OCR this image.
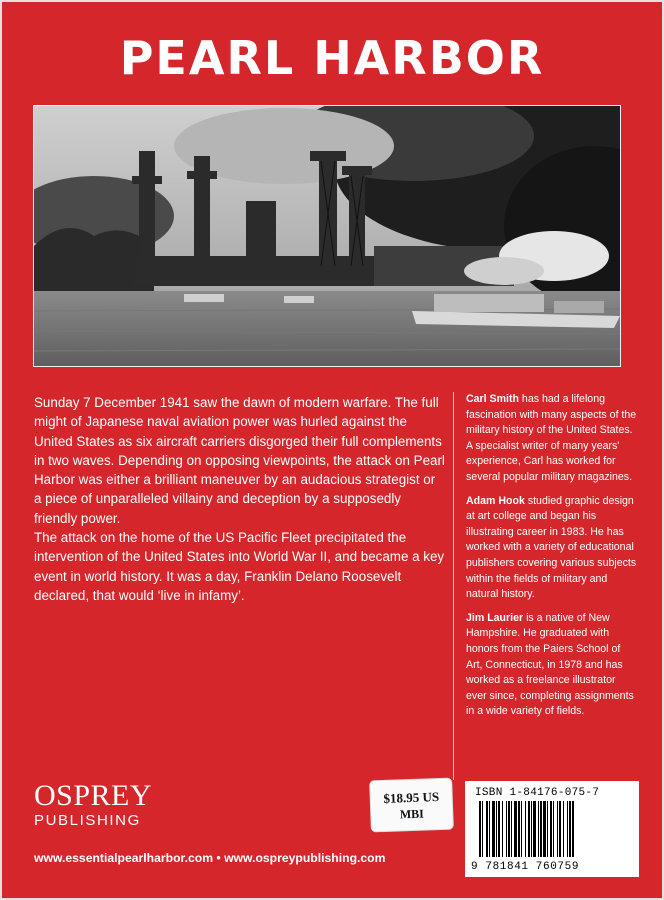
PEARL HARBOR

Sunday 7 December 1941 saw the dawn of modern warfare. The full might of Japanese naval aviation power was hurled against the United States as six aircraft carriers disgorged their full complements in two waves. Depending on opposing viewpoints, the attack on Pearl Harbor was either a brilliant maneuver by an audacious strategist or a piece of unparalleled villainy and deception by a supposedly friendly power.

The attack on the home of the US Pacific Fleet precipitated the intervention of the United States into World War II, and became a key event in world history. It was a day, Franklin Delano Roosevelt declared, that would ‘live in infamy’.

Carl Smith has had a lifelong fascination with many aspects of the military history of the United States. A specialist writer of many years' experience, Carl has worked for several popular military magazines.

Adam Hook studied graphic design at art college and began his illustrating career in 1983. He has worked with a variety of educational publishers covering various subjects within the fields of military and natural history.

Jim Laurier is a native of New Hampshire. He graduated with honors from the Paiers School of Art, Connecticut, in 1978 and has worked as a freelance illustrator ever since, completing assignments in a wide variety of fields.

OSPREY
PUBLISHING
$18.95 US
MBI
ISBN 1-84176-075-7
9 781841 760759
www.essentialpearlharbor.com • www.ospreypublishing.com
